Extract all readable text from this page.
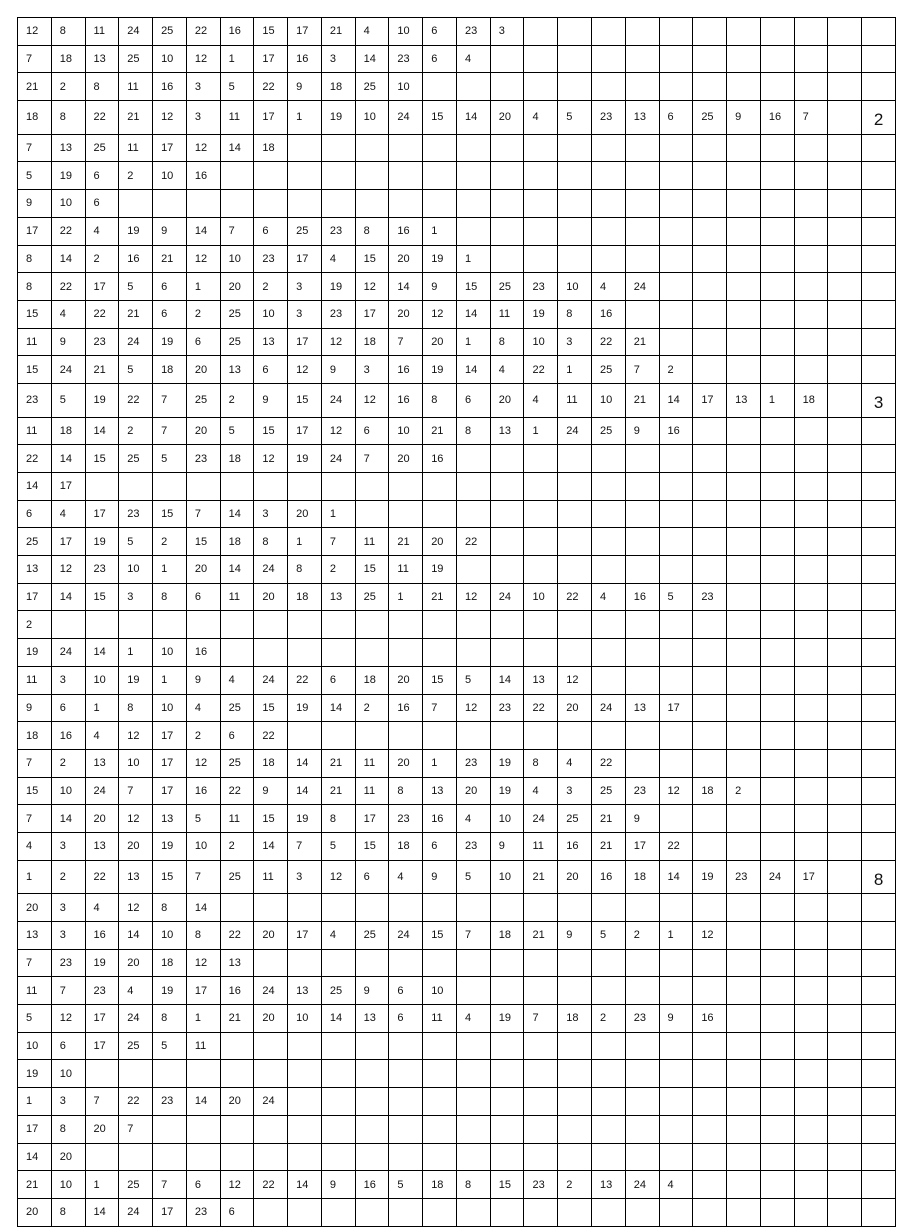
12	8	11	24	25	22	16	15	17	21	4	10	6	23	3											
7	18	13	25	10	12	1	17	16	3	14	23	6	4												
21	2	8	11	16	3	5	22	9	18	25	10														
18	8	22	21	12	3	11	17	1	19	10	24	15	14	20	4	5	23	13	6	25	9	16	7		2
7	13	25	11	17	12	14	18																		
5	19	6	2	10	16																				
9	10	6																							
17	22	4	19	9	14	7	6	25	23	8	16	1													
8	14	2	16	21	12	10	23	17	4	15	20	19	1												
8	22	17	5	6	1	20	2	3	19	12	14	9	15	25	23	10	4	24							
15	4	22	21	6	2	25	10	3	23	17	20	12	14	11	19	8	16								
11	9	23	24	19	6	25	13	17	12	18	7	20	1	8	10	3	22	21							
15	24	21	5	18	20	13	6	12	9	3	16	19	14	4	22	1	25	7	2						
23	5	19	22	7	25	2	9	15	24	12	16	8	6	20	4	11	10	21	14	17	13	1	18		3
11	18	14	2	7	20	5	15	17	12	6	10	21	8	13	1	24	25	9	16						
22	14	15	25	5	23	18	12	19	24	7	20	16													
14	17																								
6	4	17	23	15	7	14	3	20	1																
25	17	19	5	2	15	18	8	1	7	11	21	20	22												
13	12	23	10	1	20	14	24	8	2	15	11	19													
17	14	15	3	8	6	11	20	18	13	25	1	21	12	24	10	22	4	16	5	23					
2																									
19	24	14	1	10	16																				
11	3	10	19	1	9	4	24	22	6	18	20	15	5	14	13	12									
9	6	1	8	10	4	25	15	19	14	2	16	7	12	23	22	20	24	13	17						
18	16	4	12	17	2	6	22																		
7	2	13	10	17	12	25	18	14	21	11	20	1	23	19	8	4	22								
15	10	24	7	17	16	22	9	14	21	11	8	13	20	19	4	3	25	23	12	18	2				
7	14	20	12	13	5	11	15	19	8	17	23	16	4	10	24	25	21	9							
4	3	13	20	19	10	2	14	7	5	15	18	6	23	9	11	16	21	17	22						
1	2	22	13	15	7	25	11	3	12	6	4	9	5	10	21	20	16	18	14	19	23	24	17		8
20	3	4	12	8	14																				
13	3	16	14	10	8	22	20	17	4	25	24	15	7	18	21	9	5	2	1	12					
7	23	19	20	18	12	13																			
11	7	23	4	19	17	16	24	13	25	9	6	10													
5	12	17	24	8	1	21	20	10	14	13	6	11	4	19	7	18	2	23	9	16					
10	6	17	25	5	11																				
19	10																								
1	3	7	22	23	14	20	24																		
17	8	20	7																						
14	20																								
21	10	1	25	7	6	12	22	14	9	16	5	18	8	15	23	2	13	24	4						
20	8	14	24	17	23	6																			
